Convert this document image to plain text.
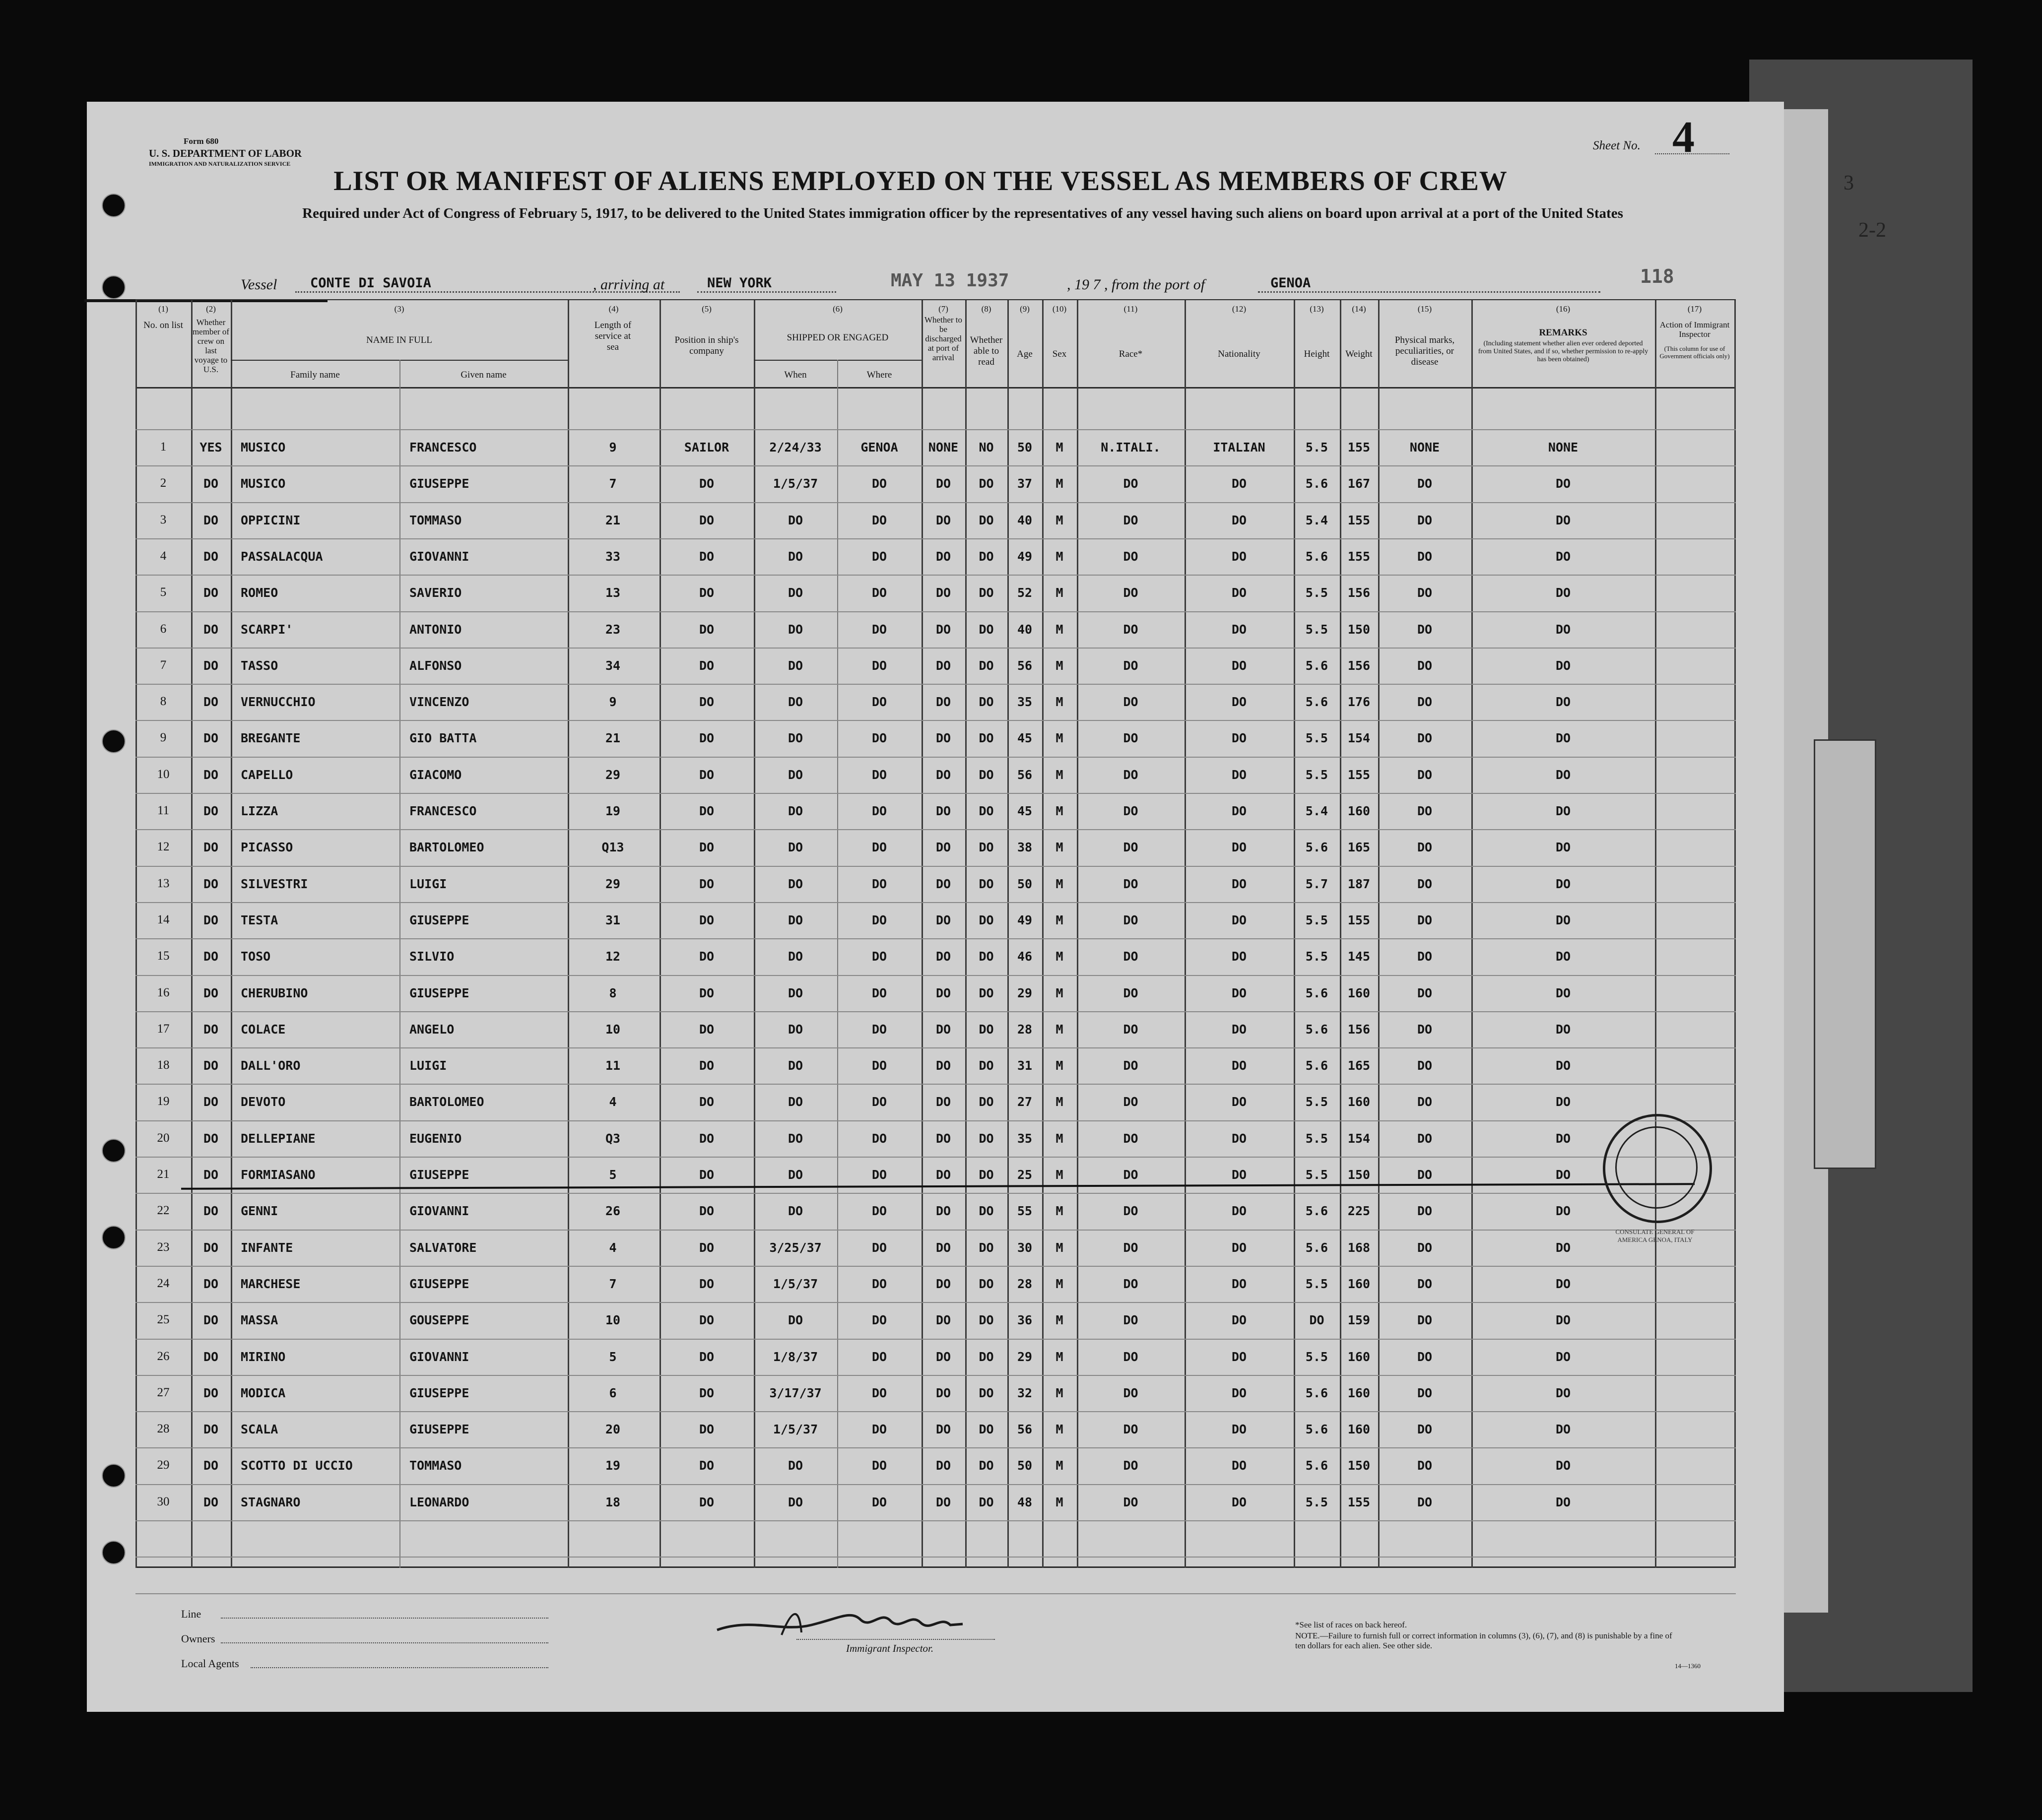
3
2-2
Form 680
U. S. DEPARTMENT OF LABOR
IMMIGRATION AND NATURALIZATION SERVICE
Sheet No. 4
LIST OR MANIFEST OF ALIENS EMPLOYED ON THE VESSEL AS MEMBERS OF CREW
Required under Act of Congress of February 5, 1917, to be delivered to the United States immigration officer by the representatives of any vessel having such aliens on board upon arrival at a port of the United States
Vessel CONTE DI SAVOIA	, arriving at	NEW YORK	MAY 13 1937	, 19 7 , from the port of	GENOA	118
(1)
No. on list
(2)
Whether member of crew on last voyage to U.S.
(3)
NAME IN FULL
Family name	Given name
(4)
Length of service at sea
(5)
Position in ship's company
(6)
SHIPPED OR ENGAGED
When	Where
(7)
Whether to be discharged at port of arrival
(8)
Whether able to read
(9)
Age
(10)
Sex
(11)
Race*
(12)
Nationality
(13)
Height
(14)
Weight
(15)
Physical marks, peculiarities, or disease
(16)
REMARKS
(Including statement whether alien ever ordered deported from United States, and if so, whether permission to re-apply has been obtained)
(17)
Action of Immigrant Inspector
(This column for use of Government officials only)
1	YES	MUSICO	FRANCESCO	9	SAILOR	2/24/33	GENOA	NONE	NO	50	M	N.ITALI.	ITALIAN	5.5	155	NONE	NONE
2	DO	MUSICO	GIUSEPPE	7	DO	1/5/37	DO	DO	DO	37	M	DO	DO	5.6	167	DO	DO
3	DO	OPPICINI	TOMMASO	21	DO	DO	DO	DO	DO	40	M	DO	DO	5.4	155	DO	DO
4	DO	PASSALACQUA	GIOVANNI	33	DO	DO	DO	DO	DO	49	M	DO	DO	5.6	155	DO	DO
5	DO	ROMEO	SAVERIO	13	DO	DO	DO	DO	DO	52	M	DO	DO	5.5	156	DO	DO
6	DO	SCARPI'	ANTONIO	23	DO	DO	DO	DO	DO	40	M	DO	DO	5.5	150	DO	DO
7	DO	TASSO	ALFONSO	34	DO	DO	DO	DO	DO	56	M	DO	DO	5.6	156	DO	DO
8	DO	VERNUCCHIO	VINCENZO	9	DO	DO	DO	DO	DO	35	M	DO	DO	5.6	176	DO	DO
9	DO	BREGANTE	GIO BATTA	21	DO	DO	DO	DO	DO	45	M	DO	DO	5.5	154	DO	DO
10	DO	CAPELLO	GIACOMO	29	DO	DO	DO	DO	DO	56	M	DO	DO	5.5	155	DO	DO
11	DO	LIZZA	FRANCESCO	19	DO	DO	DO	DO	DO	45	M	DO	DO	5.4	160	DO	DO
12	DO	PICASSO	BARTOLOMEO	Q13	DO	DO	DO	DO	DO	38	M	DO	DO	5.6	165	DO	DO
13	DO	SILVESTRI	LUIGI	29	DO	DO	DO	DO	DO	50	M	DO	DO	5.7	187	DO	DO
14	DO	TESTA	GIUSEPPE	31	DO	DO	DO	DO	DO	49	M	DO	DO	5.5	155	DO	DO
15	DO	TOSO	SILVIO	12	DO	DO	DO	DO	DO	46	M	DO	DO	5.5	145	DO	DO
16	DO	CHERUBINO	GIUSEPPE	8	DO	DO	DO	DO	DO	29	M	DO	DO	5.6	160	DO	DO
17	DO	COLACE	ANGELO	10	DO	DO	DO	DO	DO	28	M	DO	DO	5.6	156	DO	DO
18	DO	DALL'ORO	LUIGI	11	DO	DO	DO	DO	DO	31	M	DO	DO	5.6	165	DO	DO
19	DO	DEVOTO	BARTOLOMEO	4	DO	DO	DO	DO	DO	27	M	DO	DO	5.5	160	DO	DO
20	DO	DELLEPIANE	EUGENIO	Q3	DO	DO	DO	DO	DO	35	M	DO	DO	5.5	154	DO	DO
21	DO	FORMIASANO	GIUSEPPE	5	DO	DO	DO	DO	DO	25	M	DO	DO	5.5	150	DO	DO
22	DO	GENNI	GIOVANNI	26	DO	DO	DO	DO	DO	55	M	DO	DO	5.6	225	DO	DO
23	DO	INFANTE	SALVATORE	4	DO	3/25/37	DO	DO	DO	30	M	DO	DO	5.6	168	DO	DO
24	DO	MARCHESE	GIUSEPPE	7	DO	1/5/37	DO	DO	DO	28	M	DO	DO	5.5	160	DO	DO
25	DO	MASSA	GOUSEPPE	10	DO	DO	DO	DO	DO	36	M	DO	DO	DO	159	DO	DO
26	DO	MIRINO	GIOVANNI	5	DO	1/8/37	DO	DO	DO	29	M	DO	DO	5.5	160	DO	DO
27	DO	MODICA	GIUSEPPE	6	DO	3/17/37	DO	DO	DO	32	M	DO	DO	5.6	160	DO	DO
28	DO	SCALA	GIUSEPPE	20	DO	1/5/37	DO	DO	DO	56	M	DO	DO	5.6	160	DO	DO
29	DO	SCOTTO DI UCCIO	TOMMASO	19	DO	DO	DO	DO	DO	50	M	DO	DO	5.6	150	DO	DO
30	DO	STAGNARO	LEONARDO	18	DO	DO	DO	DO	DO	48	M	DO	DO	5.5	155	DO	DO
CONSULATE GENERAL OF AMERICA GENOA, ITALY
Line
Owners
Local Agents
Immigrant Inspector.
*See list of races on back hereof.
NOTE.—Failure to furnish full or correct information in columns (3), (6), (7), and (8) is punishable by a fine of ten dollars for each alien. See other side.
14—1360
